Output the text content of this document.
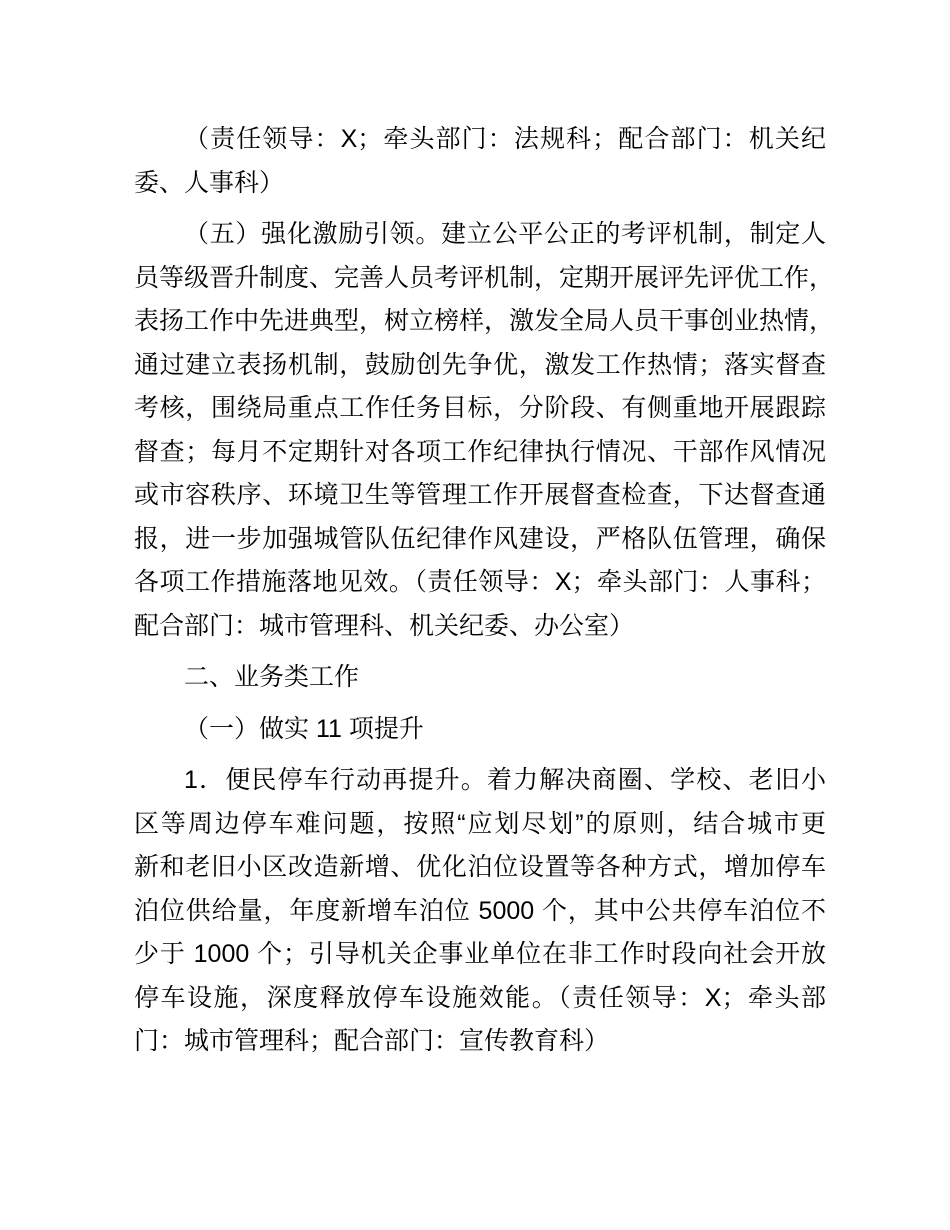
（责任领导：X；牵头部门：法规科；配合部门：机关纪
委、人事科）
（五）强化激励引领。建立公平公正的考评机制，制定人
员等级晋升制度、完善人员考评机制，定期开展评先评优工作，
表扬工作中先进典型，树立榜样，激发全局人员干事创业热情，
通过建立表扬机制，鼓励创先争优，激发工作热情；落实督查
考核，围绕局重点工作任务目标，分阶段、有侧重地开展跟踪
督查；每月不定期针对各项工作纪律执行情况、干部作风情况
或市容秩序、环境卫生等管理工作开展督查检查，下达督查通
报，进一步加强城管队伍纪律作风建设，严格队伍管理，确保
各项工作措施落地见效。（责任领导：X；牵头部门：人事科；
配合部门：城市管理科、机关纪委、办公室）
二、业务类工作
（一）做实 11 项提升
1．便民停车行动再提升。着力解决商圈、学校、老旧小
区等周边停车难问题，按照“应划尽划”的原则，结合城市更
新和老旧小区改造新增、优化泊位设置等各种方式，增加停车
泊位供给量，年度新增车泊位 5000 个，其中公共停车泊位不
少于 1000 个；引导机关企事业单位在非工作时段向社会开放
停车设施，深度释放停车设施效能。（责任领导：X；牵头部
门：城市管理科；配合部门：宣传教育科）
